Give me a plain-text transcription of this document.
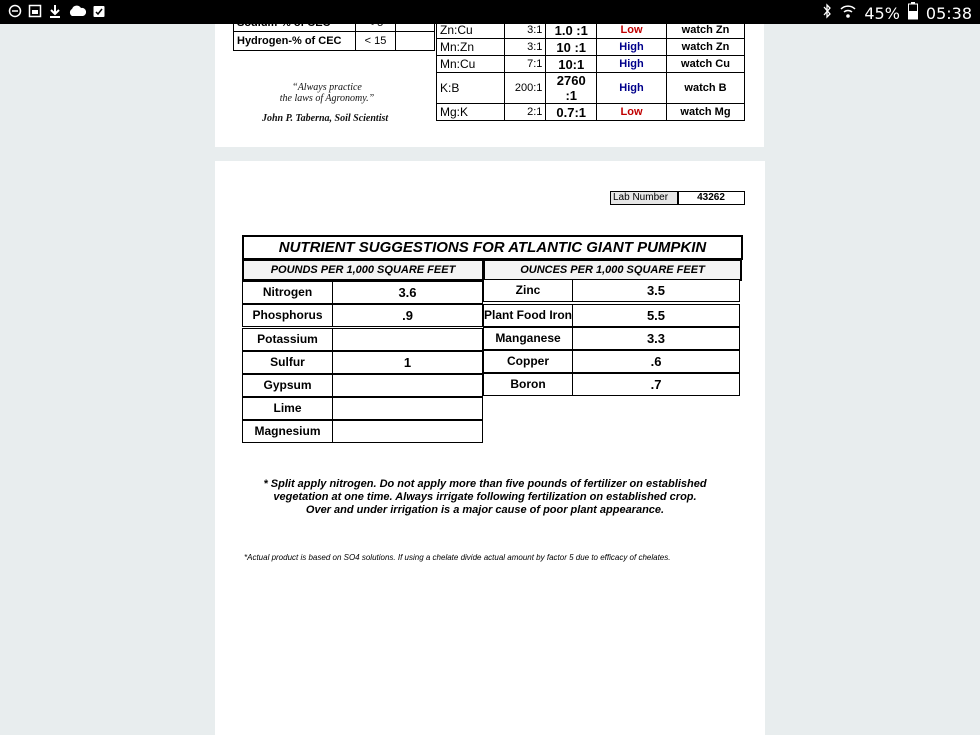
45% 05:38
Sodium-% of CEC	< 5	
Hydrogen-% of CEC	< 15	
Zn:Cu	3:1	1.0 :1	Low	watch Zn
Mn:Zn	3:1	10 :1	High	watch Zn
Mn:Cu	7:1	10:1	High	watch Cu
K:B	200:1	2760 :1	High	watch B
Mg:K	2:1	0.7:1	Low	watch Mg
“Always practice
the laws of Agronomy.”
John P. Taberna, Soil Scientist
Lab Number	43262
NUTRIENT SUGGESTIONS FOR ATLANTIC GIANT PUMPKIN
POUNDS PER 1,000 SQUARE FEET	OUNCES PER 1,000 SQUARE FEET
Nitrogen	3.6
Phosphorus	.9
Potassium
Sulfur	1
Gypsum
Lime
Magnesium
Zinc	3.5
Plant Food Iron	5.5
Manganese	3.3
Copper	.6
Boron	.7
* Split apply nitrogen. Do not apply more than five pounds of fertilizer on established vegetation at one time. Always irrigate following fertilization on established crop. Over and under irrigation is a major cause of poor plant appearance.
*Actual product is based on SO4 solutions. If using a chelate divide actual amount by factor 5 due to efficacy of chelates.
